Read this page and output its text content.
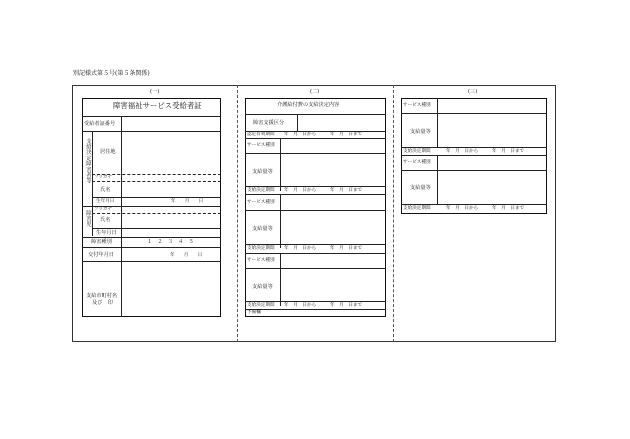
別記様式第５号(第５条関係)
(一)	(二)	(三)
障害福祉サービス受給者証
受給者証番号
支給決定障害者等 居住地
フリガナ
氏名
生年月日	年　　月　　日
障害児
フリガナ
氏名
生年月日
障害種別	１　２　３　４　５
交付年月日	年　　月　　日
支給市町村名
及び　印
介護給付費の支給決定内容
障害支援区分
認定有効期間 年　月　日から　　　年　月　日まで
サービス種別
支給量等
支給決定期間 年　月　日から　　　年　月　日まで
サービス種別
支給量等
支給決定期間 年　月　日から　　　年　月　日まで
サービス種別
支給量等
支給決定期間 年　月　日から　　　年　月　日まで
予備欄
サービス種別
支給量等
支給決定期間	年　月　日から　　　年　月　日まで
サービス種別
支給量等
支給決定期間	年　月　日から　　　年　月　日まで
